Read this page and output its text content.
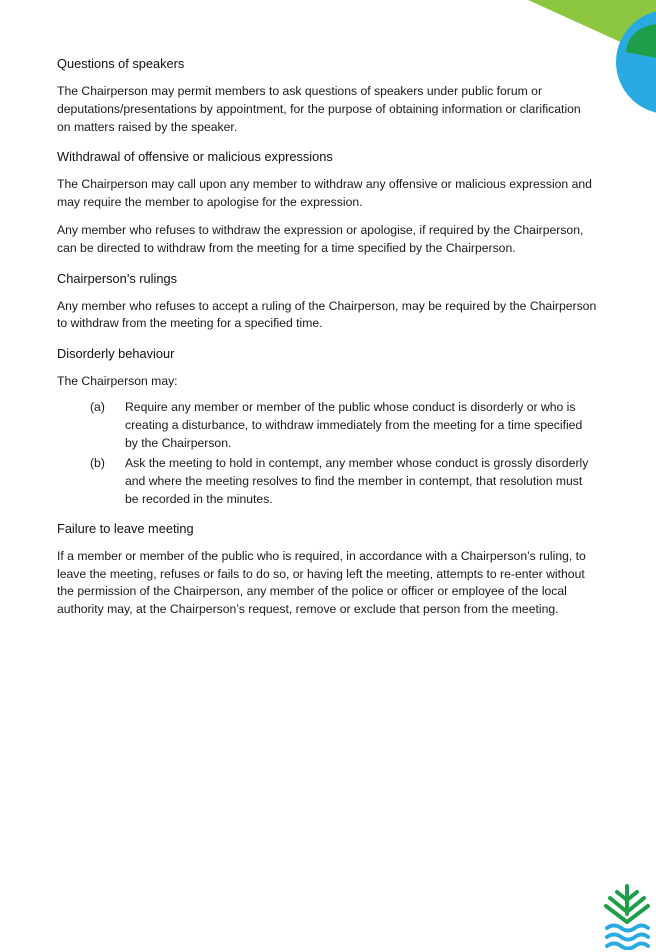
Questions of speakers

The Chairperson may permit members to ask questions of speakers under public forum or deputations/presentations by appointment, for the purpose of obtaining information or clarification on matters raised by the speaker.

Withdrawal of offensive or malicious expressions

The Chairperson may call upon any member to withdraw any offensive or malicious expression and may require the member to apologise for the expression.

Any member who refuses to withdraw the expression or apologise, if required by the Chairperson, can be directed to withdraw from the meeting for a time specified by the Chairperson.

Chairperson’s rulings

Any member who refuses to accept a ruling of the Chairperson, may be required by the Chairperson to withdraw from the meeting for a specified time.

Disorderly behaviour

The Chairperson may:

(a)	Require any member or member of the public whose conduct is disorderly or who is creating a disturbance, to withdraw immediately from the meeting for a time specified by the Chairperson.
(b)	Ask the meeting to hold in contempt, any member whose conduct is grossly disorderly and where the meeting resolves to find the member in contempt, that resolution must be recorded in the minutes.
Failure to leave meeting

If a member or member of the public who is required, in accordance with a Chairperson’s ruling, to leave the meeting, refuses or fails to do so, or having left the meeting, attempts to re-enter without the permission of the Chairperson, any member of the police or officer or employee of the local authority may, at the Chairperson’s request, remove or exclude that person from the meeting.
